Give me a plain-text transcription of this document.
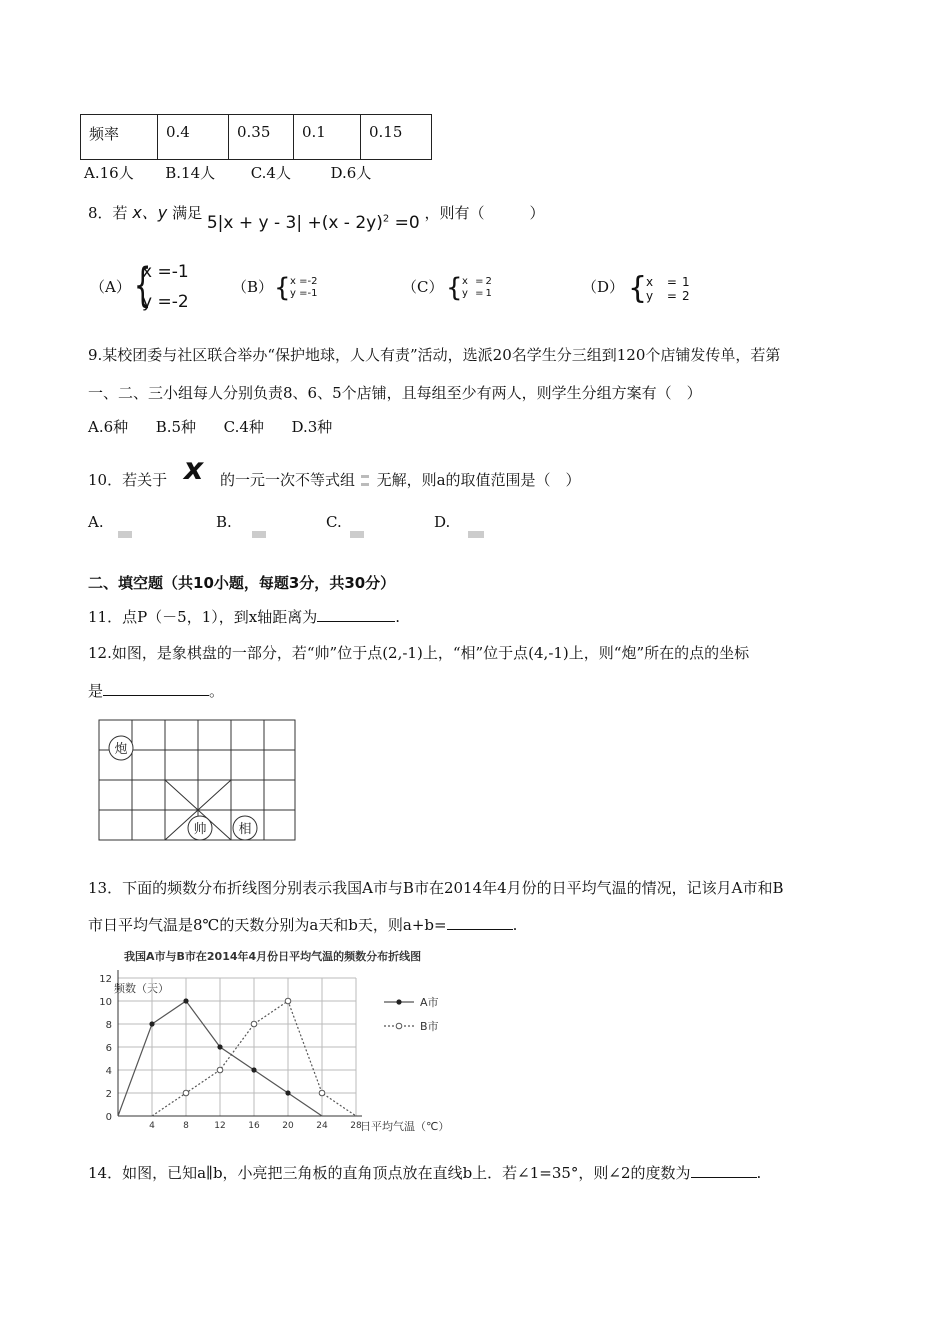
频率	0.4	0.35	0.1	0.15
A.16人 B.14人 C.4人	D.6人
8．若 x、y 满足 5|x + y - 3| +(x - 2y)$^2$ =0 ，则有（　　　）
（A） {
x =-1
y =-2
（B） { x =-2
y =-1	（C） { x =2
y =1	（D） {
x =1
y =2
9.某校团委与社区联合举办“保护地球，人人有责”活动，选派20名学生分三组到120个店铺发传单，若第
一、二、三小组每人分别负责8、6、5个店铺，且每组至少有两人，则学生分组方案有（　）
A.6种 B.5种 C.4种 D.3种
10．若关于 x 的一元一次不等式组 无解，则a的取值范围是（　）
A.	B.	C.	D.
二、填空题（共10小题，每题3分，共30分）
11．点P（－5，1），到x轴距离为	.
12.如图，是象棋盘的一部分，若“帅”位于点(2,-1)上，“相”位于点(4,-1)上，则“炮”所在的点的坐标
是	。
炮
帅 相
13．下面的频数分布折线图分别表示我国A市与B市在2014年4月份的日平均气温的情况，记该月A市和B
市日平均气温是8℃的天数分别为a天和b天，则a+b=	.
我国A市与B市在2014年4月份日平均气温的频数分布折线图
频数（天）
日平均气温（℃）
0
2
4
6
8
10
12
4	8	12	16	20	24	28
A市
B市
14．如图，已知a∥b，小亮把三角板的直角顶点放在直线b上．若∠1=35°，则∠2的度数为	.
